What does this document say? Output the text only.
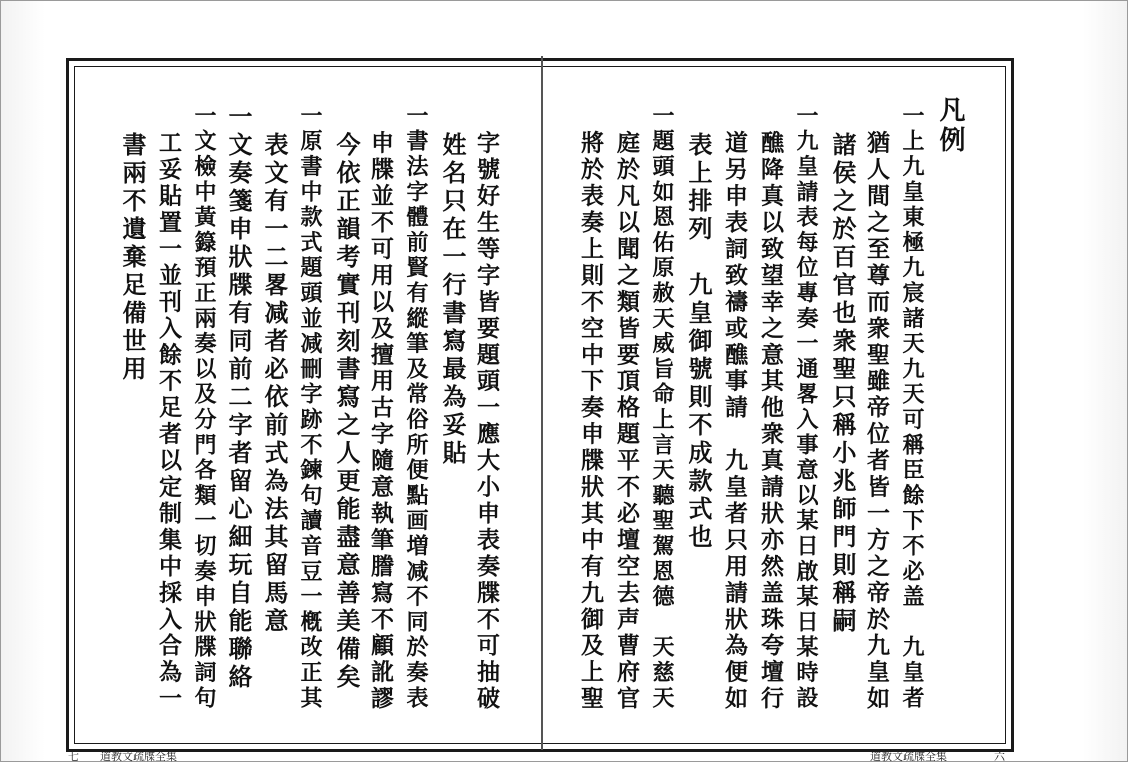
凡例
一上九皇東極九宸諸天九天可稱臣餘下不必盖　九皇者
　猶人間之至尊而衆聖雖帝位者皆一方之帝於九皇如
　諸侯之於百官也衆聖只稱小兆師門則稱嗣
一九皇請表每位專奏一通畧入事意以某日啟某日某時設
　醮降真以致望幸之意其他衆真請狀亦然盖珠夸壇行
　道另申表詞致禱或醮事請　九皇者只用請狀為便如
　表上排列　九皇御號則不成款式也
一題頭如恩佑原赦天威旨命上言天聽聖駕恩德　天慈天
　庭於凡以聞之類皆要頂格題平不必壇空去声曹府官
　將於表奏上則不空中下奏申牒狀其中有九御及上聖
　字號好生等字皆要題頭一應大小申表奏牒不可抽破
　姓名只在一行書寫最為妥貼
一書法字體前賢有縱筆及常俗所便點画増减不同於奏表
　申牒並不可用以及擅用古字隨意執筆謄寫不顧訛謬
　今依正韻考實刊刻書寫之人更能盡意善美備矣
一原書中款式題頭並减刪字跡不鍊句讀音豆一槪改正其
　表文有一二畧减者必依前式為法其留馬意
一文奏箋申狀牒有同前二字者留心細玩自能聯絡
一文檢中黃籙預正兩奏以及分門各類一切奏申狀牒詞句
　工妥貼置一並刊入餘不足者以定制集中採入合為一
　書兩不遺棄足備世用
七 道教文疏牒全集	道教文疏牒全集	六
